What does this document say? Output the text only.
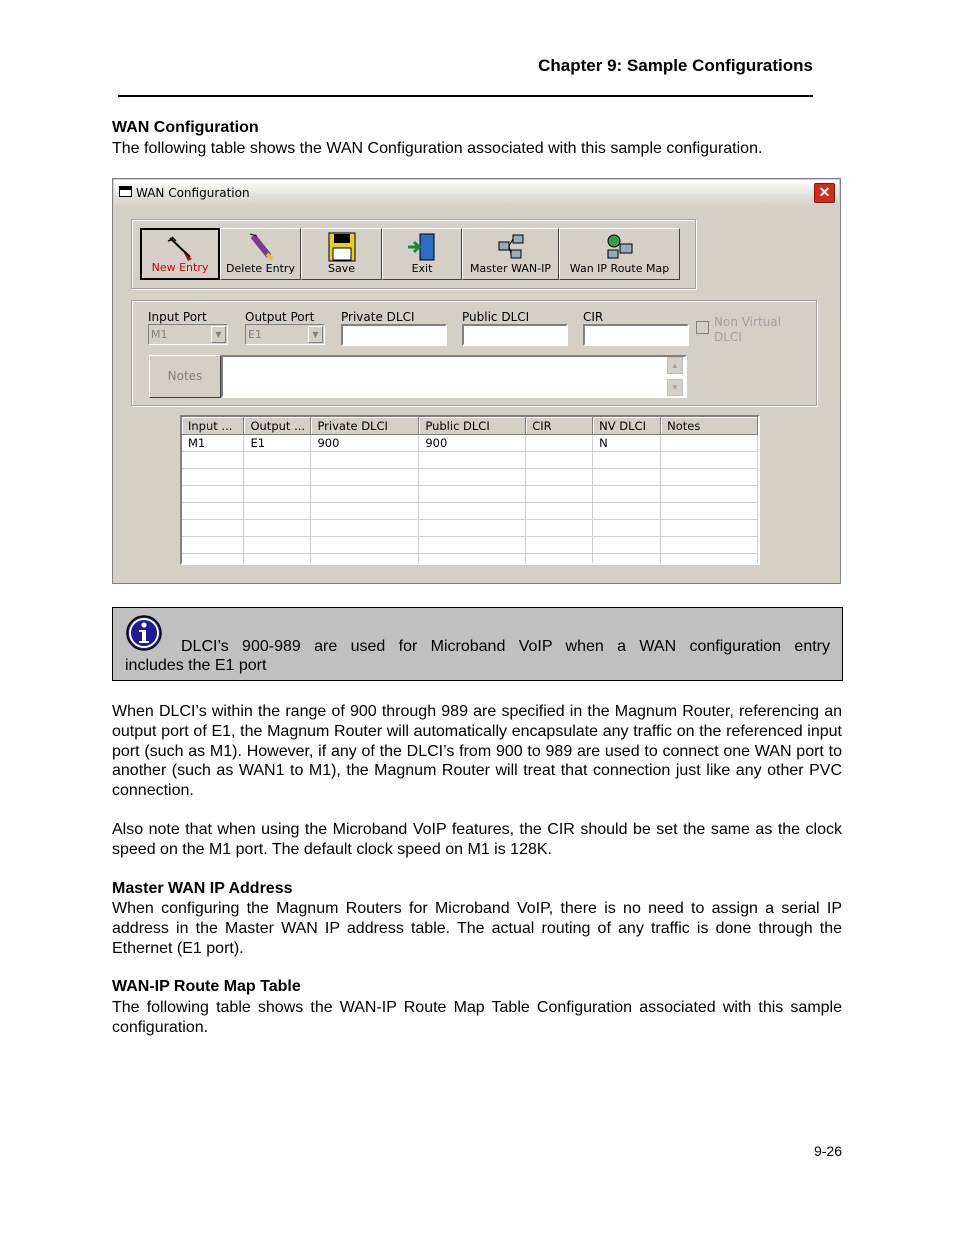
Chapter 9: Sample Configurations
WAN Configuration
The following table shows the WAN Configuration associated with this sample configuration.
WAN Configuration	✕
New Entry	Delete Entry	Save	Exit	Master WAN-IP	Wan IP Route Map
Input Port
M1	▼
Output Port
E1	▼
Private DLCI	Public DLCI	CIR	Non Virtual
DLCI
Notes
▲
▼
Input ...	Output ...	Private DLCI	Public DLCI	CIR	NV DLCI	Notes
M1	E1	900	900		N	

DLCI’s 900-989 are used for Microband VoIP when a WAN configuration entry
includes the E1 port
When DLCI’s within the range of 900 through 989 are specified in the Magnum Router, referencing an output port of E1, the Magnum Router will automatically encapsulate any traffic on the referenced input port (such as M1). However, if any of the DLCI’s from 900 to 989 are used to connect one WAN port to another (such as WAN1 to M1), the Magnum Router will treat that connection just like any other PVC connection.
Also note that when using the Microband VoIP features, the CIR should be set the same as the clock speed on the M1 port. The default clock speed on M1 is 128K.
Master WAN IP Address
When configuring the Magnum Routers for Microband VoIP, there is no need to assign a serial IP address in the Master WAN IP address table. The actual routing of any traffic is done through the Ethernet (E1 port).
WAN-IP Route Map Table
The following table shows the WAN-IP Route Map Table Configuration associated with this sample configuration.
9-26
